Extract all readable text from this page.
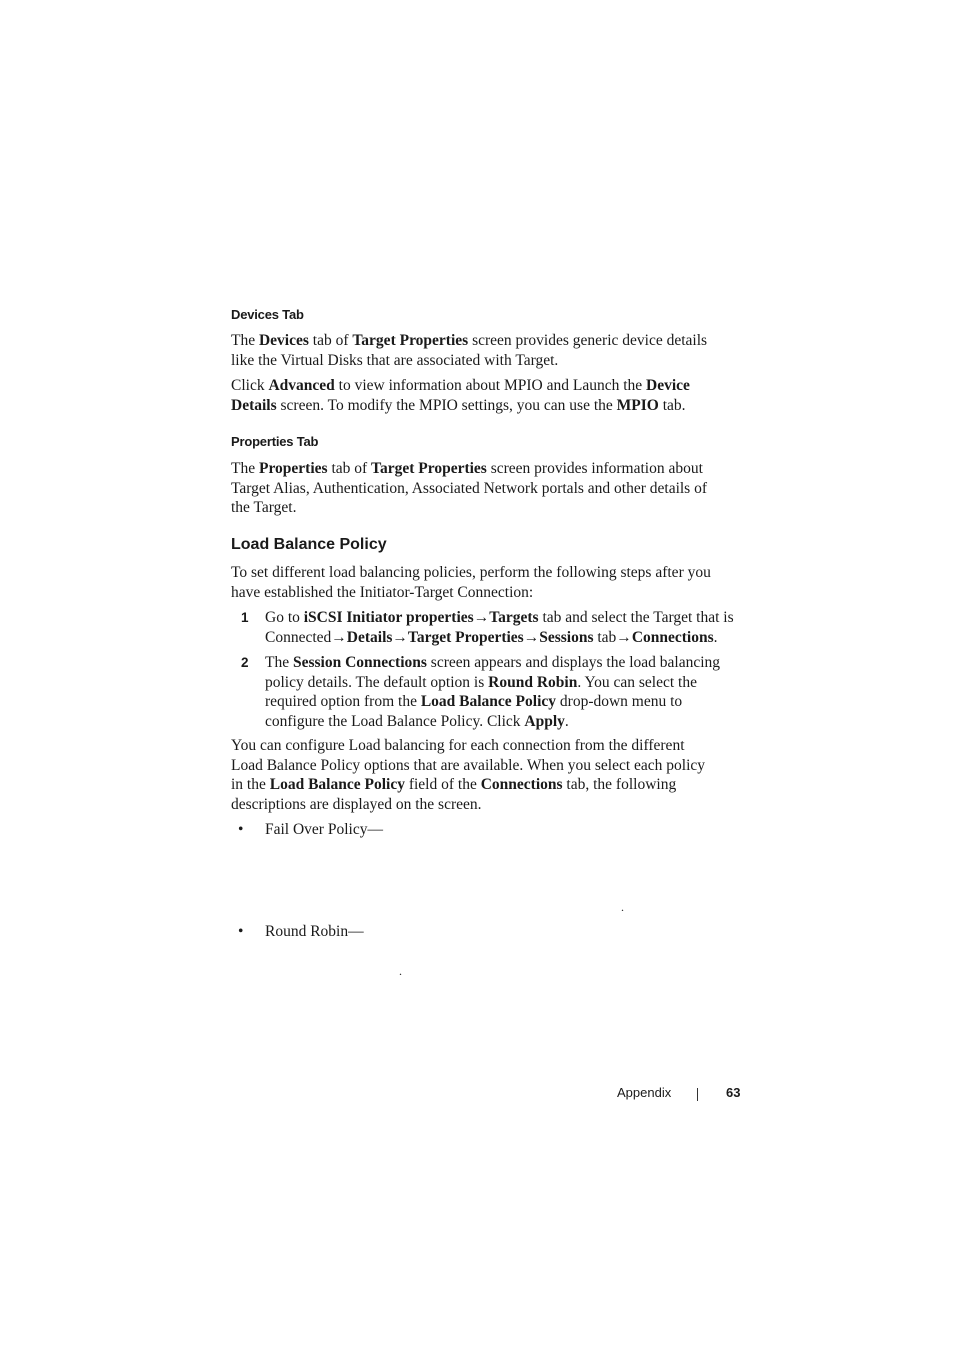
Devices Tab
The Devices tab of Target Properties screen provides generic device details
like the Virtual Disks that are associated with Target.
Click Advanced to view information about MPIO and Launch the Device
Details screen. To modify the MPIO settings, you can use the MPIO tab.
Properties Tab
The Properties tab of Target Properties screen provides information about
Target Alias, Authentication, Associated Network portals and other details of
the Target.
Load Balance Policy
To set different load balancing policies, perform the following steps after you
have established the Initiator-Target Connection:
1 Go to iSCSI Initiator properties→Targets tab and select the Target that is
Connected→Details→Target Properties→Sessions tab→Connections.
2 The Session Connections screen appears and displays the load balancing
policy details. The default option is Round Robin. You can select the
required option from the Load Balance Policy drop-down menu to
configure the Load Balance Policy. Click Apply.
You can configure Load balancing for each connection from the different
Load Balance Policy options that are available. When you select each policy
in the Load Balance Policy field of the Connections tab, the following
descriptions are displayed on the screen.
• Fail Over Policy—
.
• Round Robin—
.
Appendix	63
